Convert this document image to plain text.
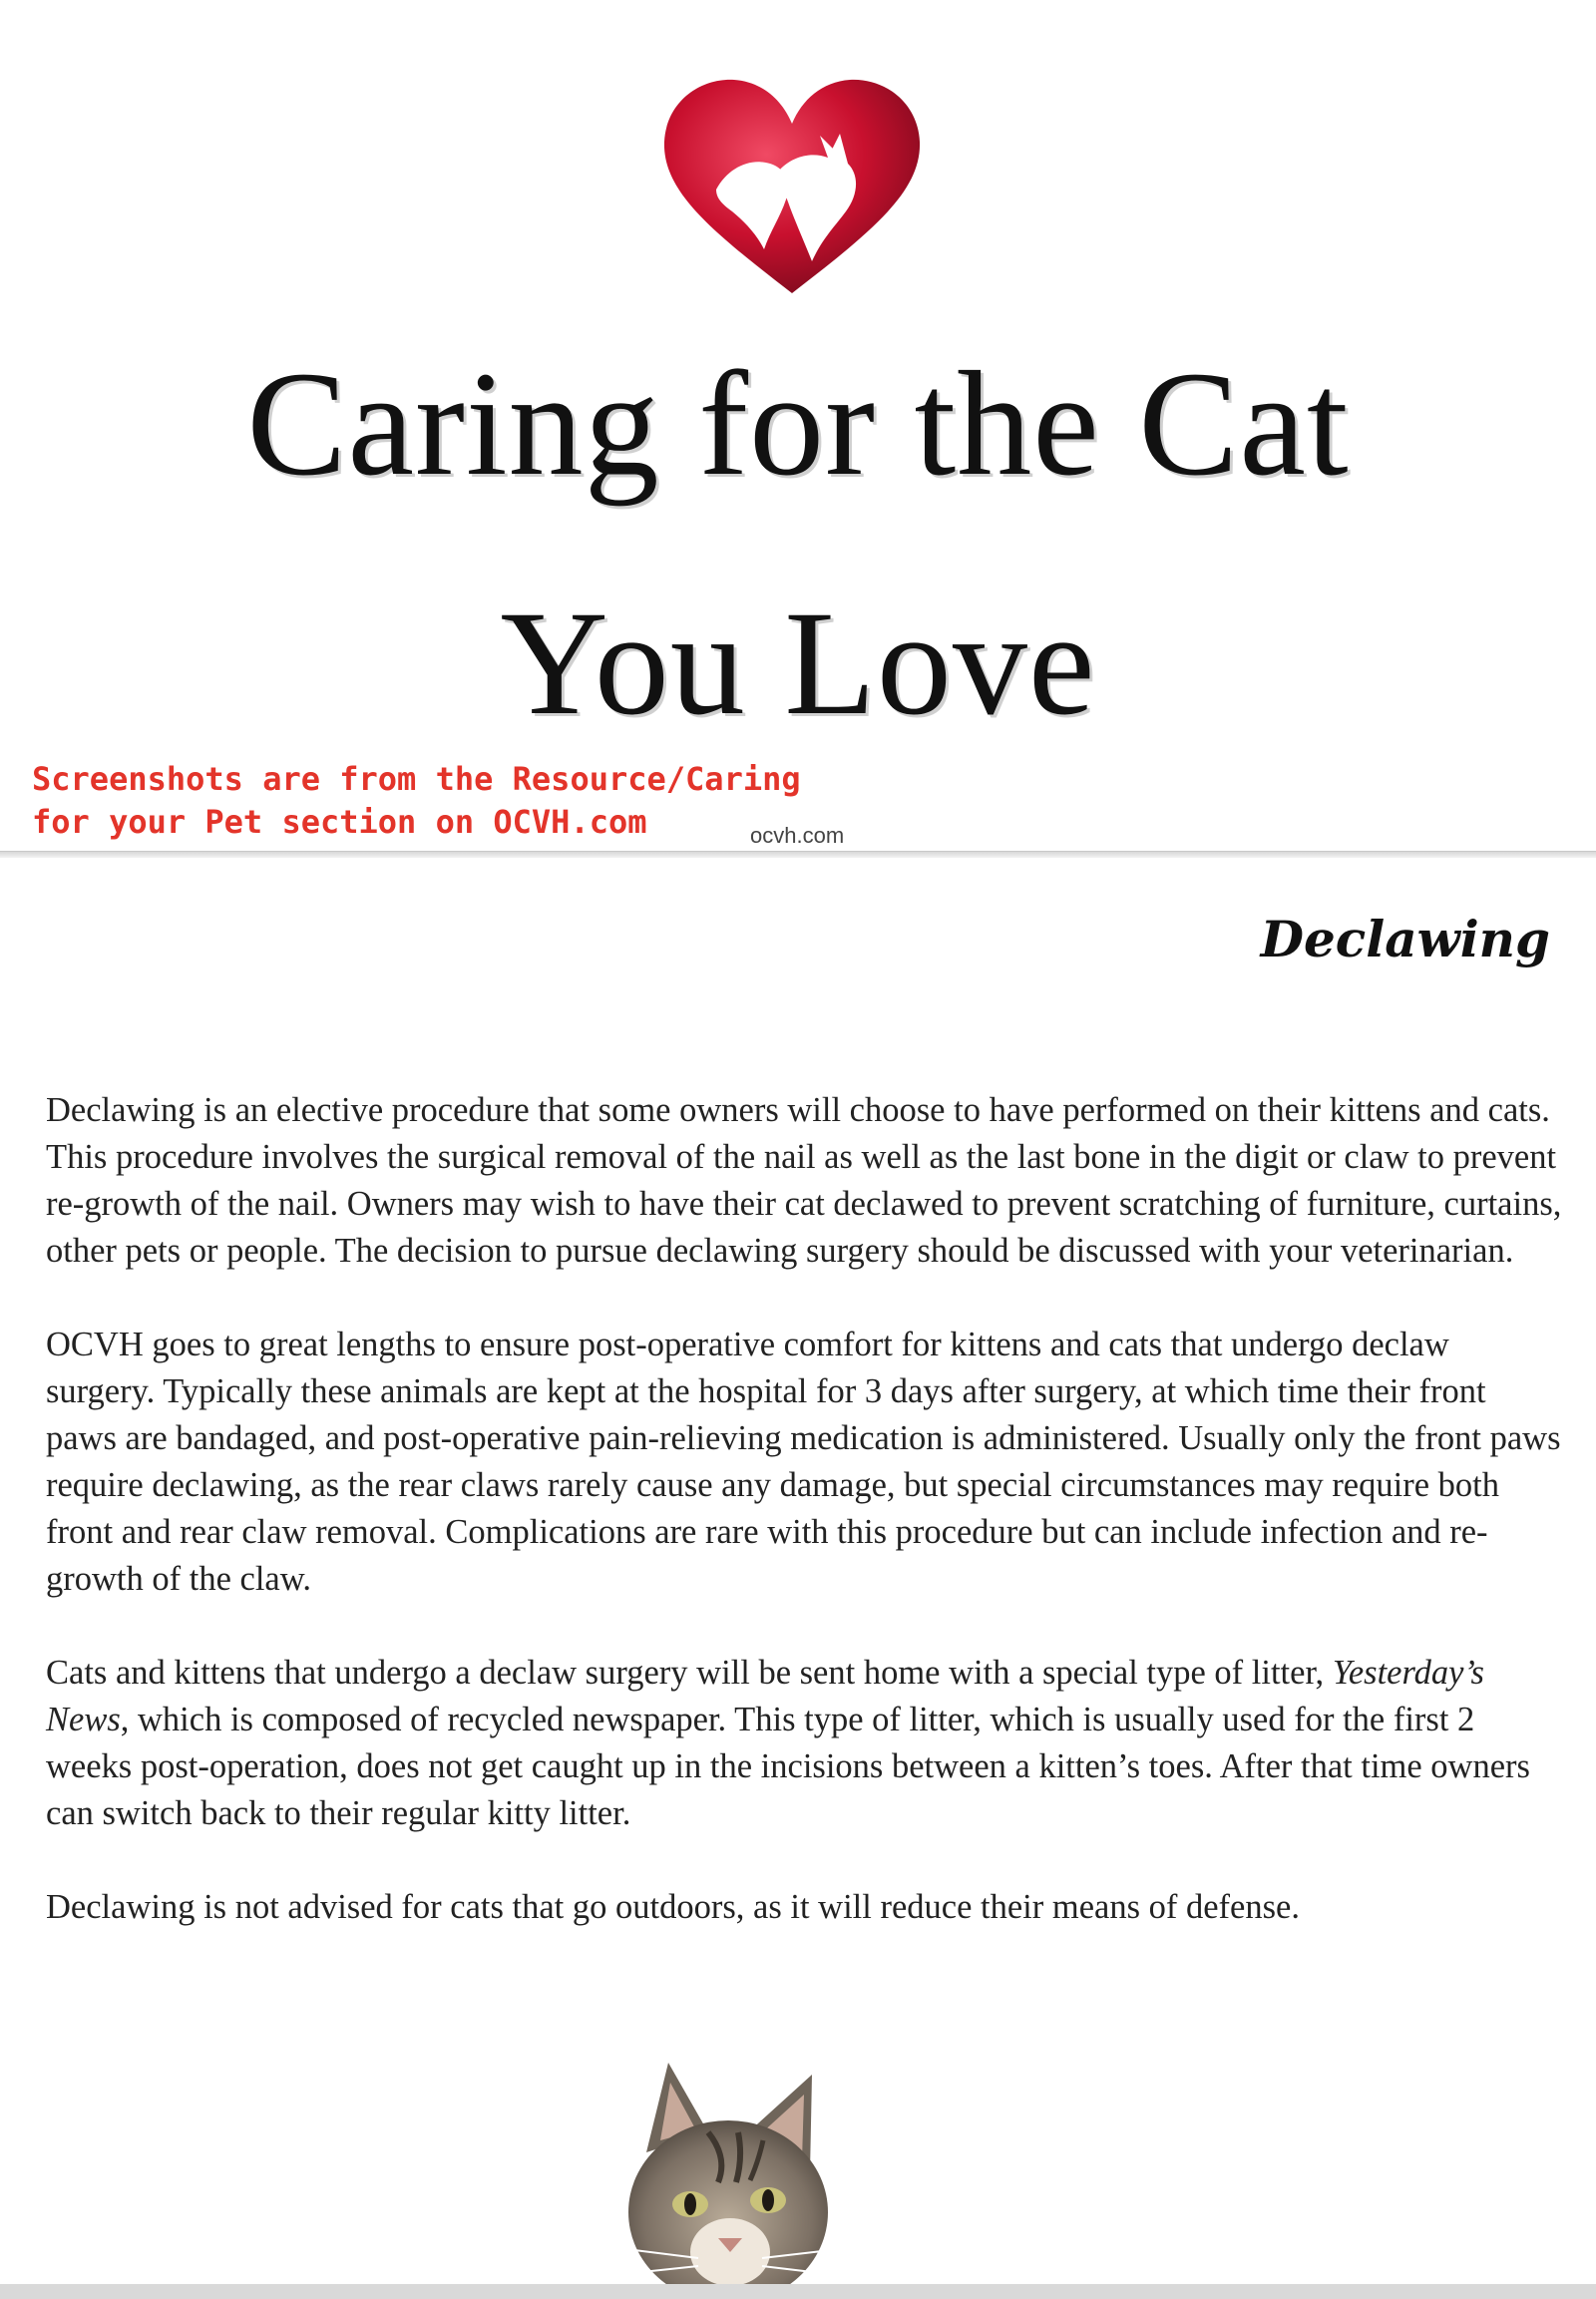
Caring for the Cat
You Love
Screenshots are from the Resource/Caring
for your Pet section on OCVH.com	ocvh.com
Declawing

Declawing is an elective procedure that some owners will choose to have performed on their kittens and cats. This procedure involves the surgical removal of the nail as well as the last bone in the digit or claw to prevent re-growth of the nail. Owners may wish to have their cat declawed to prevent scratching of furniture, curtains, other pets or people. The decision to pursue declawing surgery should be discussed with your veterinarian.

OCVH goes to great lengths to ensure post-operative comfort for kittens and cats that undergo declaw surgery. Typically these animals are kept at the hospital for 3 days after surgery, at which time their front paws are bandaged, and post-operative pain-relieving medication is administered. Usually only the front paws require declawing, as the rear claws rarely cause any damage, but special circumstances may require both front and rear claw removal. Complications are rare with this procedure but can include infection and re-growth of the claw.

Cats and kittens that undergo a declaw surgery will be sent home with a special type of litter, Yesterday’s News, which is composed of recycled newspaper. This type of litter, which is usually used for the first 2 weeks post-operation, does not get caught up in the incisions between a kitten’s toes. After that time owners can switch back to their regular kitty litter.

Declawing is not advised for cats that go outdoors, as it will reduce their means of defense.
